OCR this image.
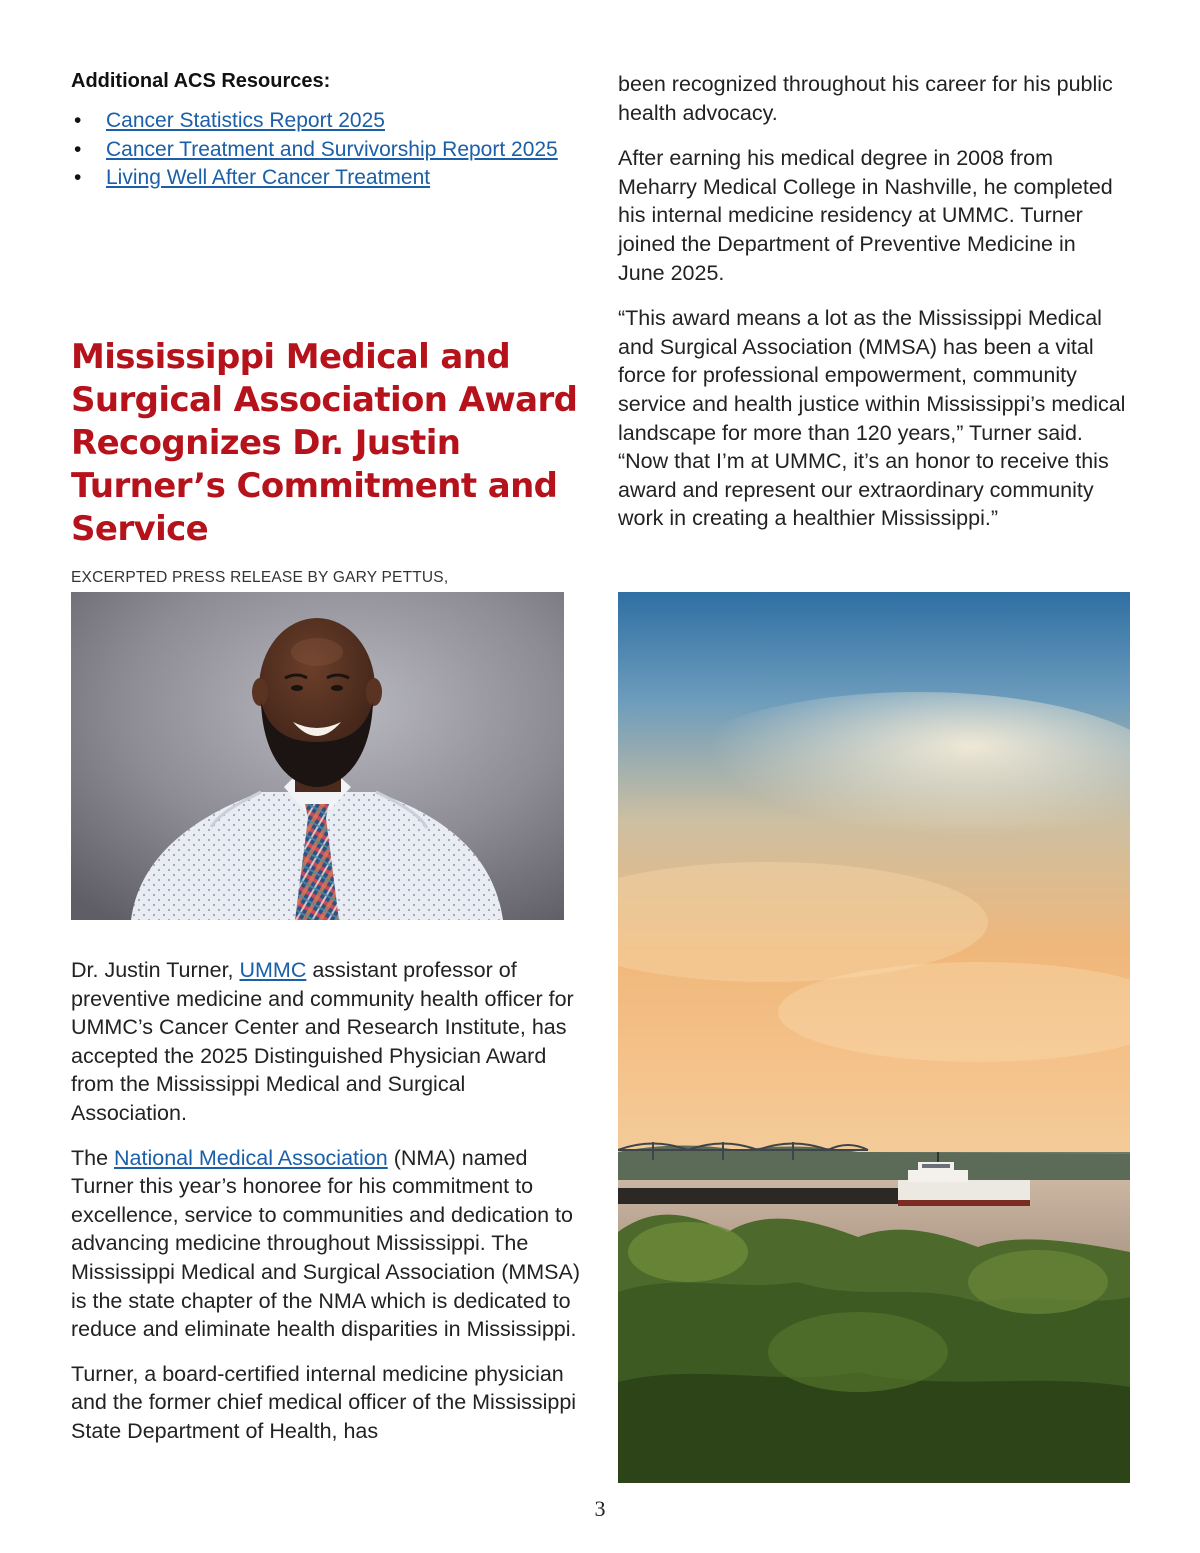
Additional ACS Resources:
• Cancer Statistics Report 2025
• Cancer Treatment and Survivorship Report 2025
• Living Well After Cancer Treatment
Mississippi Medical and Surgical Association Award Recognizes Dr. Justin Turner’s Commitment and Service
EXCERPTED PRESS RELEASE BY GARY PETTUS,

Dr. Justin Turner, UMMC assistant professor of preventive medicine and community health officer for UMMC’s Cancer Center and Research Institute, has accepted the 2025 Distinguished Physician Award from the Mississippi Medical and Surgical Association.

The National Medical Association (NMA) named Turner this year’s honoree for his commitment to excellence, service to communities and dedication to advancing medicine throughout Mississippi. The Mississippi Medical and Surgical Association (MMSA) is the state chapter of the NMA which is dedicated to reduce and eliminate health disparities in Mississippi.

Turner, a board-certified internal medicine physician and the former chief medical officer of the Mississippi State Department of Health, has

been recognized throughout his career for his public health advocacy.

After earning his medical degree in 2008 from Meharry Medical College in Nashville, he completed his internal medicine residency at UMMC. Turner joined the Department of Preventive Medicine in June 2025.

“This award means a lot as the Mississippi Medical and Surgical Association (MMSA) has been a vital force for professional empowerment, community service and health justice within Mississippi’s medical landscape for more than 120 years,” Turner said. “Now that I’m at UMMC, it’s an honor to receive this award and represent our extraordinary community work in creating a healthier Mississippi.”

3
